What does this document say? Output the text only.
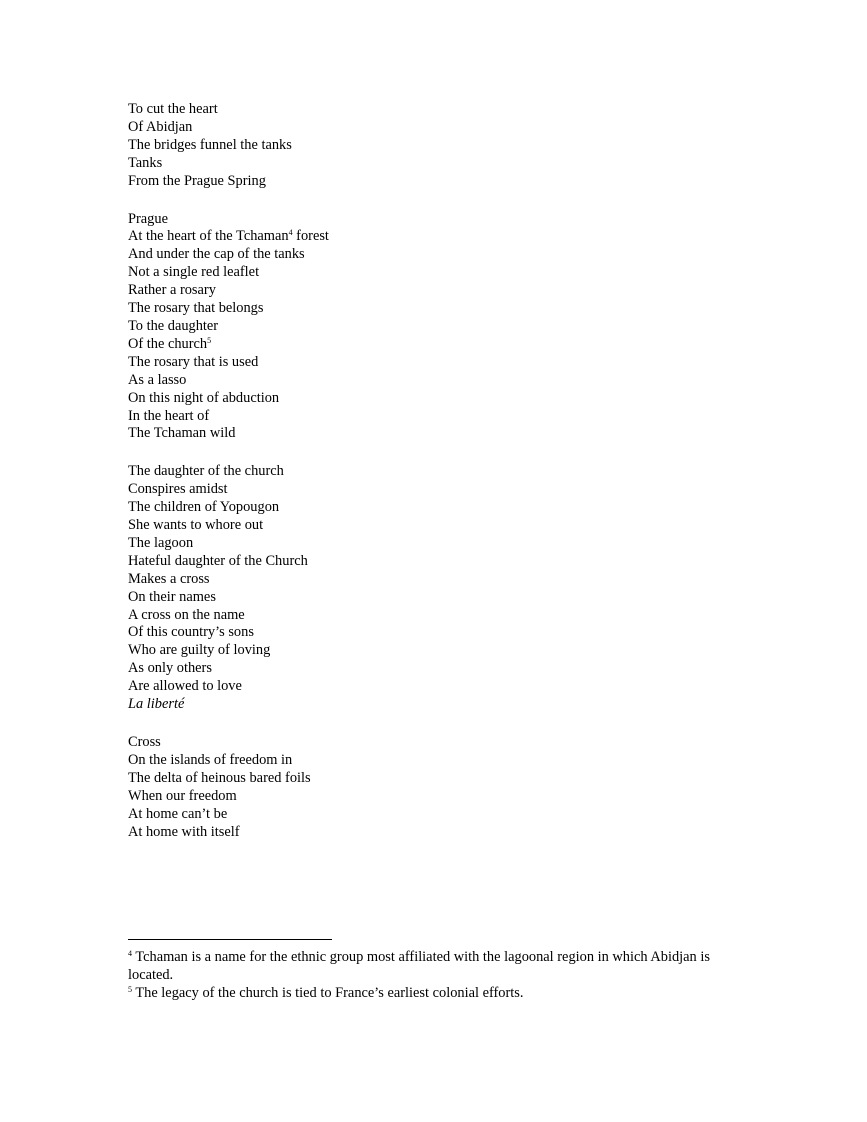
To cut the heart
Of Abidjan
The bridges funnel the tanks
Tanks
From the Prague Spring
Prague
At the heart of the Tchaman$^4$ forest
And under the cap of the tanks
Not a single red leaflet
Rather a rosary
The rosary that belongs
To the daughter
Of the church$^5$
The rosary that is used
As a lasso
On this night of abduction
In the heart of
The Tchaman wild
The daughter of the church
Conspires amidst
The children of Yopougon
She wants to whore out
The lagoon
Hateful daughter of the Church
Makes a cross
On their names
A cross on the name
Of this country’s sons
Who are guilty of loving
As only others
Are allowed to love
La liberté
Cross
On the islands of freedom in
The delta of heinous bared foils
When our freedom
At home can’t be
At home with itself
$^4$ Tchaman is a name for the ethnic group most affiliated with the lagoonal region in which Abidjan is located.
$^5$ The legacy of the church is tied to France’s earliest colonial efforts.
